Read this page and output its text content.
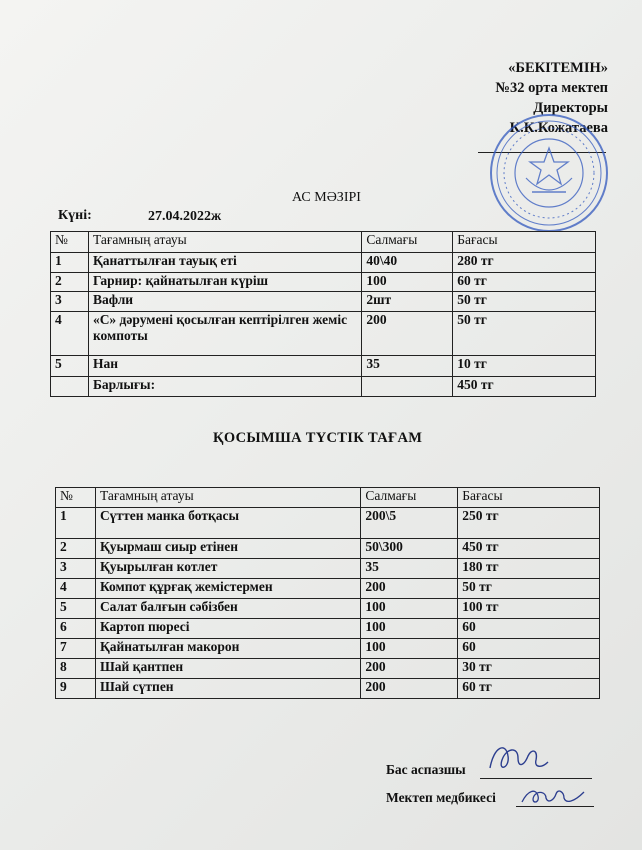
«БЕКІТЕМІН»
№32 орта мектеп
Директоры
К.К.Кожатаева
АС МӘЗІРІ
Күні:	27.04.2022ж
№	Тағамның атауы	Салмағы	Бағасы
1	Қанаттылған тауық еті	40\40	280 тг
2	Гарнир: қайнатылған күріш	100	60 тг
3	Вафли	2шт	50 тг
4	«С» дәрумені қосылған кептірілген жеміс компоты	200	50 тг
5	Нан	35	10 тг
	Барлығы:		450 тг
ҚОСЫМША ТҮСТІК ТАҒАМ
№	Тағамның атауы	Салмағы	Бағасы
1	Сүттен манка ботқасы	200\5	250 тг
2	Қуырмаш сиыр етінен	50\300	450 тг
3	Қуырылған котлет	35	180 тг
4	Компот құрғақ жемістермен	200	50 тг
5	Салат балғын сәбізбен	100	100 тг
6	Картоп пюресі	100	60
7	Қайнатылған макорон	100	60
8	Шай қантпен	200	30 тг
9	Шай сүтпен	200	60 тг
Бас аспазшы
Мектеп медбикесі
